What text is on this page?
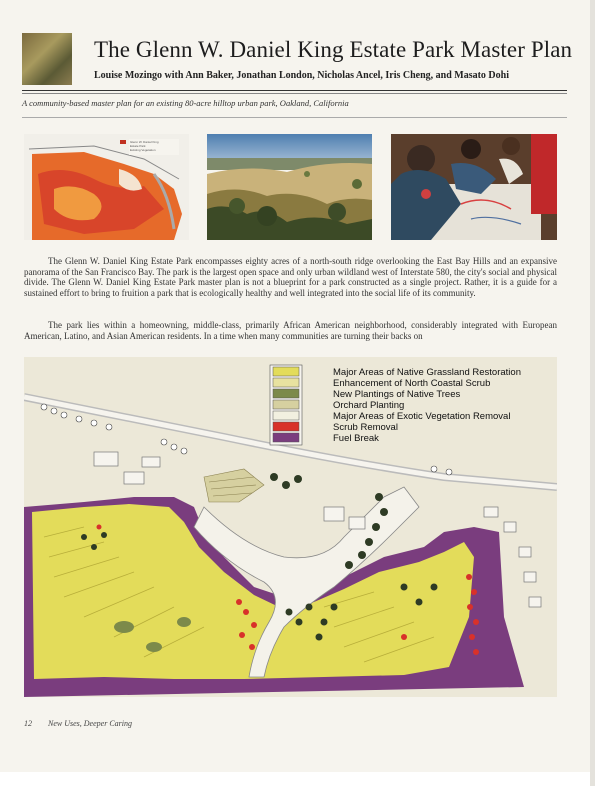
The Glenn W. Daniel King Estate Park Master Plan
Louise Mozingo with Ann Baker, Jonathan London, Nicholas Ancel, Iris Cheng, and Masato Dohi
A community-based master plan for an existing 80-acre hilltop urban park, Oakland, California
Glenn W. Daniel King
Estate Park
Existing Vegetation

The Glenn W. Daniel King Estate Park encompasses eighty acres of a north-south ridge overlooking the East Bay Hills and an expansive panorama of the San Francisco Bay. The park is the largest open space and only urban wildland west of Interstate 580, the city's social and physical divide. The Glenn W. Daniel King Estate Park master plan is not a blueprint for a park constructed as a single project. Rather, it is a guide for a sustained effort to bring to fruition a park that is ecologically healthy and well integrated into the social life of its community.

The park lies within a homeowning, middle-class, primarily African American neighborhood, considerably integrated with European American, Latino, and Asian American residents. In a time when many communities are turning their backs on

Major Areas of Native Grassland Restoration
Enhancement of North Coastal Scrub
New Plantings of Native Trees
Orchard Planting
Major Areas of Exotic Vegetation Removal
Scrub Removal
Fuel Break
12 New Uses, Deeper Caring
